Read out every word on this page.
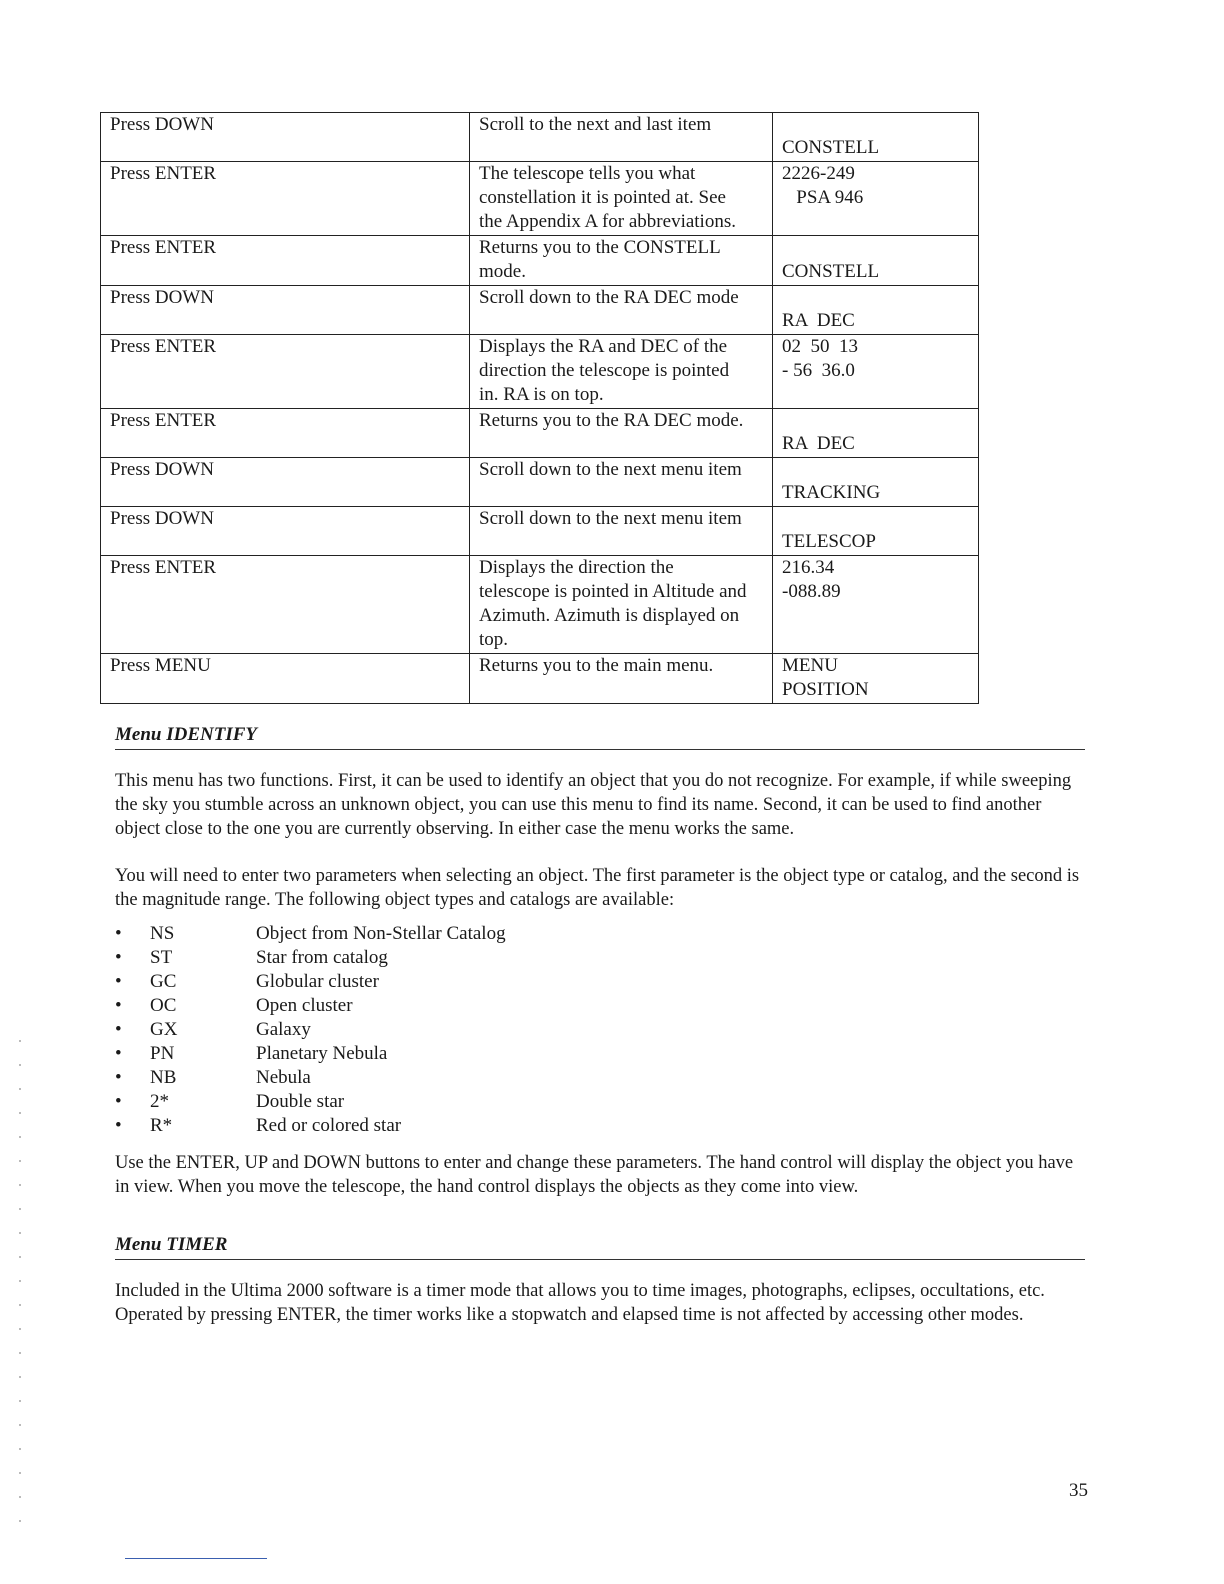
Press DOWN	Scroll to the next and last item	CONSTELL

Press ENTER	The telescope tells you what
constellation it is pointed at. See
the Appendix A for abbreviations.	2226-249
PSA 946

Press ENTER	Returns you to the CONSTELL
mode.	CONSTELL

Press DOWN	Scroll down to the RA DEC mode	RA  DEC

Press ENTER	Displays the RA and DEC of the
direction the telescope is pointed
in. RA is on top.	02  50  13
- 56  36.0

Press ENTER	Returns you to the RA DEC mode.	RA  DEC

Press DOWN	Scroll down to the next menu item	TRACKING

Press DOWN	Scroll down to the next menu item	TELESCOP

Press ENTER	Displays the direction the
telescope is pointed in Altitude and
Azimuth. Azimuth is displayed on
top.	216.34
-088.89

Press MENU	Returns you to the main menu.	MENU
POSITION
Menu IDENTIFY

This menu has two functions. First, it can be used to identify an object that you do not recognize. For example, if while sweeping the sky you stumble across an unknown object, you can use this menu to find its name. Second, it can be used to find another object close to the one you are currently observing. In either case the menu works the same.

You will need to enter two parameters when selecting an object. The first parameter is the object type or catalog, and the second is the magnitude range. The following object types and catalogs are available:

•	NS	Object from Non-Stellar Catalog
•	ST	Star from catalog
•	GC	Globular cluster
•	OC	Open cluster
•	GX	Galaxy
•	PN	Planetary Nebula
•	NB	Nebula
•	2*	Double star
•	R*	Red or colored star

Use the ENTER, UP and DOWN buttons to enter and change these parameters. The hand control will display the object you have in view. When you move the telescope, the hand control displays the objects as they come into view.

Menu TIMER

Included in the Ultima 2000 software is a timer mode that allows you to time images, photographs, eclipses, occultations, etc. Operated by pressing ENTER, the timer works like a stopwatch and elapsed time is not affected by accessing other modes.

35
